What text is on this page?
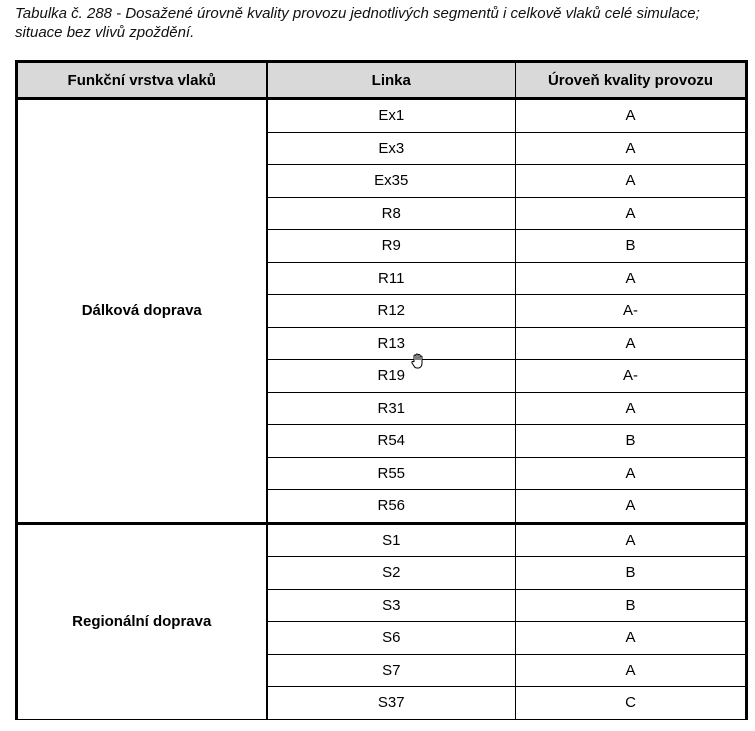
Tabulka č. 288 - Dosažené úrovně kvality provozu jednotlivých segmentů i celkově vlaků celé simulace; situace bez vlivů zpoždění.

Funkční vrstva vlaků	Linka	Úroveň kvality provozu
Dálková doprava	Ex1	A
	Ex3	A
	Ex35	A
	R8	A
	R9	B
	R11	A
	R12	A-
	R13	A
	R19	A-
	R31	A
	R54	B
	R55	A
	R56	A
Regionální doprava	S1	A
	S2	B
	S3	B
	S6	A
	S7	A
	S37	C
